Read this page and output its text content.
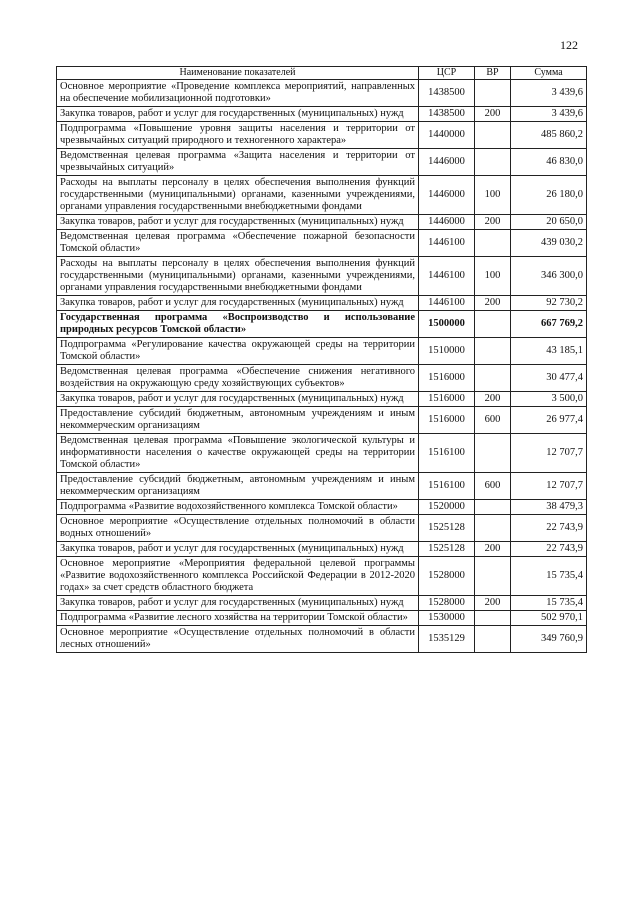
122
Наименование показателей	ЦСР	ВР	Сумма
Основное мероприятие «Проведение комплекса мероприятий, направленных на обеспечение мобилизационной подготовки»	1438500		3 439,6
Закупка товаров, работ и услуг для государственных (муниципальных) нужд	1438500	200	3 439,6
Подпрограмма «Повышение уровня защиты населения и территории от чрезвычайных ситуаций природного и техногенного характера»	1440000		485 860,2
Ведомственная целевая программа «Защита населения и территории от чрезвычайных ситуаций»	1446000		46 830,0
Расходы на выплаты персоналу в целях обеспечения выполнения функций государственными (муниципальными) органами, казенными учреждениями, органами управления государственными внебюджетными фондами	1446000	100	26 180,0
Закупка товаров, работ и услуг для государственных (муниципальных) нужд	1446000	200	20 650,0
Ведомственная целевая программа «Обеспечение пожарной безопасности Томской области»	1446100		439 030,2
Расходы на выплаты персоналу в целях обеспечения выполнения функций государственными (муниципальными) органами, казенными учреждениями, органами управления государственными внебюджетными фондами	1446100	100	346 300,0
Закупка товаров, работ и услуг для государственных (муниципальных) нужд	1446100	200	92 730,2
Государственная программа «Воспроизводство и использование природных ресурсов Томской области»	1500000		667 769,2
Подпрограмма «Регулирование качества окружающей среды на территории Томской области»	1510000		43 185,1
Ведомственная целевая программа «Обеспечение снижения негативного воздействия на окружающую среду хозяйствующих субъектов»	1516000		30 477,4
Закупка товаров, работ и услуг для государственных (муниципальных) нужд	1516000	200	3 500,0
Предоставление субсидий бюджетным, автономным учреждениям и иным некоммерческим организациям	1516000	600	26 977,4
Ведомственная целевая программа «Повышение экологической культуры и информативности населения о качестве окружающей среды на территории Томской области»	1516100		12 707,7
Предоставление субсидий бюджетным, автономным учреждениям и иным некоммерческим организациям	1516100	600	12 707,7
Подпрограмма «Развитие водохозяйственного комплекса Томской области»	1520000		38 479,3
Основное мероприятие «Осуществление отдельных полномочий в области водных отношений»	1525128		22 743,9
Закупка товаров, работ и услуг для государственных (муниципальных) нужд	1525128	200	22 743,9
Основное мероприятие «Мероприятия федеральной целевой программы «Развитие водохозяйственного комплекса Российской Федерации в 2012-2020 годах» за счет средств областного бюджета	1528000		15 735,4
Закупка товаров, работ и услуг для государственных (муниципальных) нужд	1528000	200	15 735,4
Подпрограмма «Развитие лесного хозяйства на территории Томской области»	1530000		502 970,1
Основное мероприятие «Осуществление отдельных полномочий в области лесных отношений»	1535129		349 760,9
